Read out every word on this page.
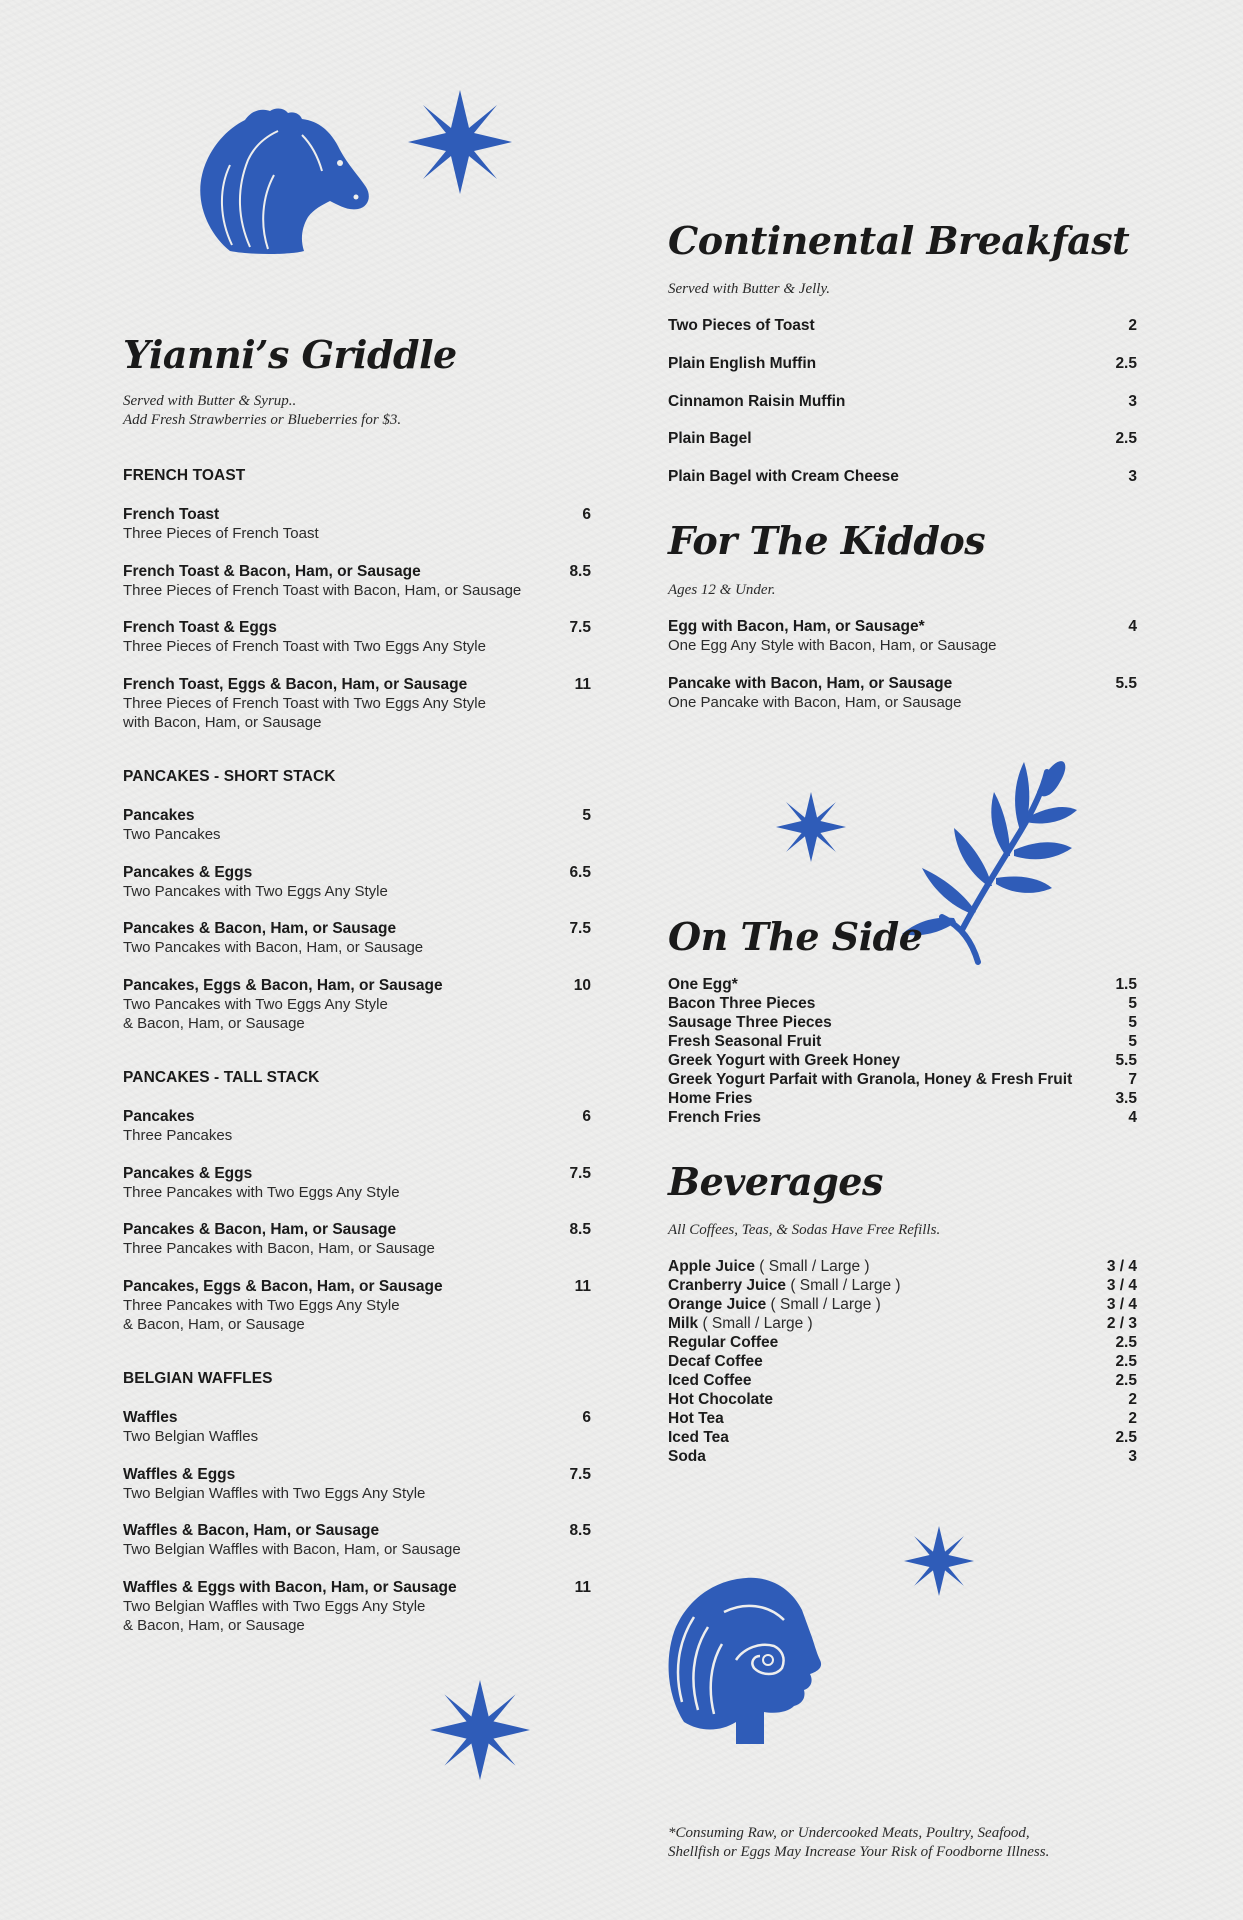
Yianni’s Griddle
Served with Butter & Syrup..
Add Fresh Strawberries or Blueberries for $3.
FRENCH TOAST
French Toast
Three Pieces of French Toast
6
French Toast & Bacon, Ham, or Sausage
Three Pieces of French Toast with Bacon, Ham, or Sausage
8.5
French Toast & Eggs
Three Pieces of French Toast with Two Eggs Any Style
7.5
French Toast, Eggs & Bacon, Ham, or Sausage
Three Pieces of French Toast with Two Eggs Any Style
with Bacon, Ham, or Sausage
11
PANCAKES - SHORT STACK
Pancakes
Two Pancakes
5
Pancakes & Eggs
Two Pancakes with Two Eggs Any Style
6.5
Pancakes & Bacon, Ham, or Sausage
Two Pancakes with Bacon, Ham, or Sausage
7.5
Pancakes, Eggs & Bacon, Ham, or Sausage
Two Pancakes with Two Eggs Any Style
& Bacon, Ham, or Sausage
10
PANCAKES - TALL STACK
Pancakes
Three Pancakes
6
Pancakes & Eggs
Three Pancakes with Two Eggs Any Style
7.5
Pancakes & Bacon, Ham, or Sausage
Three Pancakes with Bacon, Ham, or Sausage
8.5
Pancakes, Eggs & Bacon, Ham, or Sausage
Three Pancakes with Two Eggs Any Style
& Bacon, Ham, or Sausage
11
BELGIAN WAFFLES
Waffles
Two Belgian Waffles
6
Waffles & Eggs
Two Belgian Waffles with Two Eggs Any Style
7.5
Waffles & Bacon, Ham, or Sausage
Two Belgian Waffles with Bacon, Ham, or Sausage
8.5
Waffles & Eggs with Bacon, Ham, or Sausage
Two Belgian Waffles with Two Eggs Any Style
& Bacon, Ham, or Sausage
11
Continental Breakfast
Served with Butter & Jelly.
Two Pieces of Toast	2
Plain English Muffin	2.5
Cinnamon Raisin Muffin	3
Plain Bagel	2.5
Plain Bagel with Cream Cheese	3
For The Kiddos
Ages 12 & Under.
Egg with Bacon, Ham, or Sausage*
One Egg Any Style with Bacon, Ham, or Sausage
4
Pancake with Bacon, Ham, or Sausage
One Pancake with Bacon, Ham, or Sausage
5.5
On The Side
One Egg*	1.5
Bacon Three Pieces	5
Sausage Three Pieces	5
Fresh Seasonal Fruit	5
Greek Yogurt with Greek Honey	5.5
Greek Yogurt Parfait with Granola, Honey & Fresh Fruit	7
Home Fries	3.5
French Fries	4
Beverages
All Coffees, Teas, & Sodas Have Free Refills.
Apple Juice ( Small / Large )	3 / 4
Cranberry Juice ( Small / Large )	3 / 4
Orange Juice ( Small / Large )	3 / 4
Milk ( Small / Large )	2 / 3
Regular Coffee	2.5
Decaf Coffee	2.5
Iced Coffee	2.5
Hot Chocolate	2
Hot Tea	2
Iced Tea	2.5
Soda	3
*Consuming Raw, or Undercooked Meats, Poultry, Seafood,
Shellfish or Eggs May Increase Your Risk of Foodborne Illness.
